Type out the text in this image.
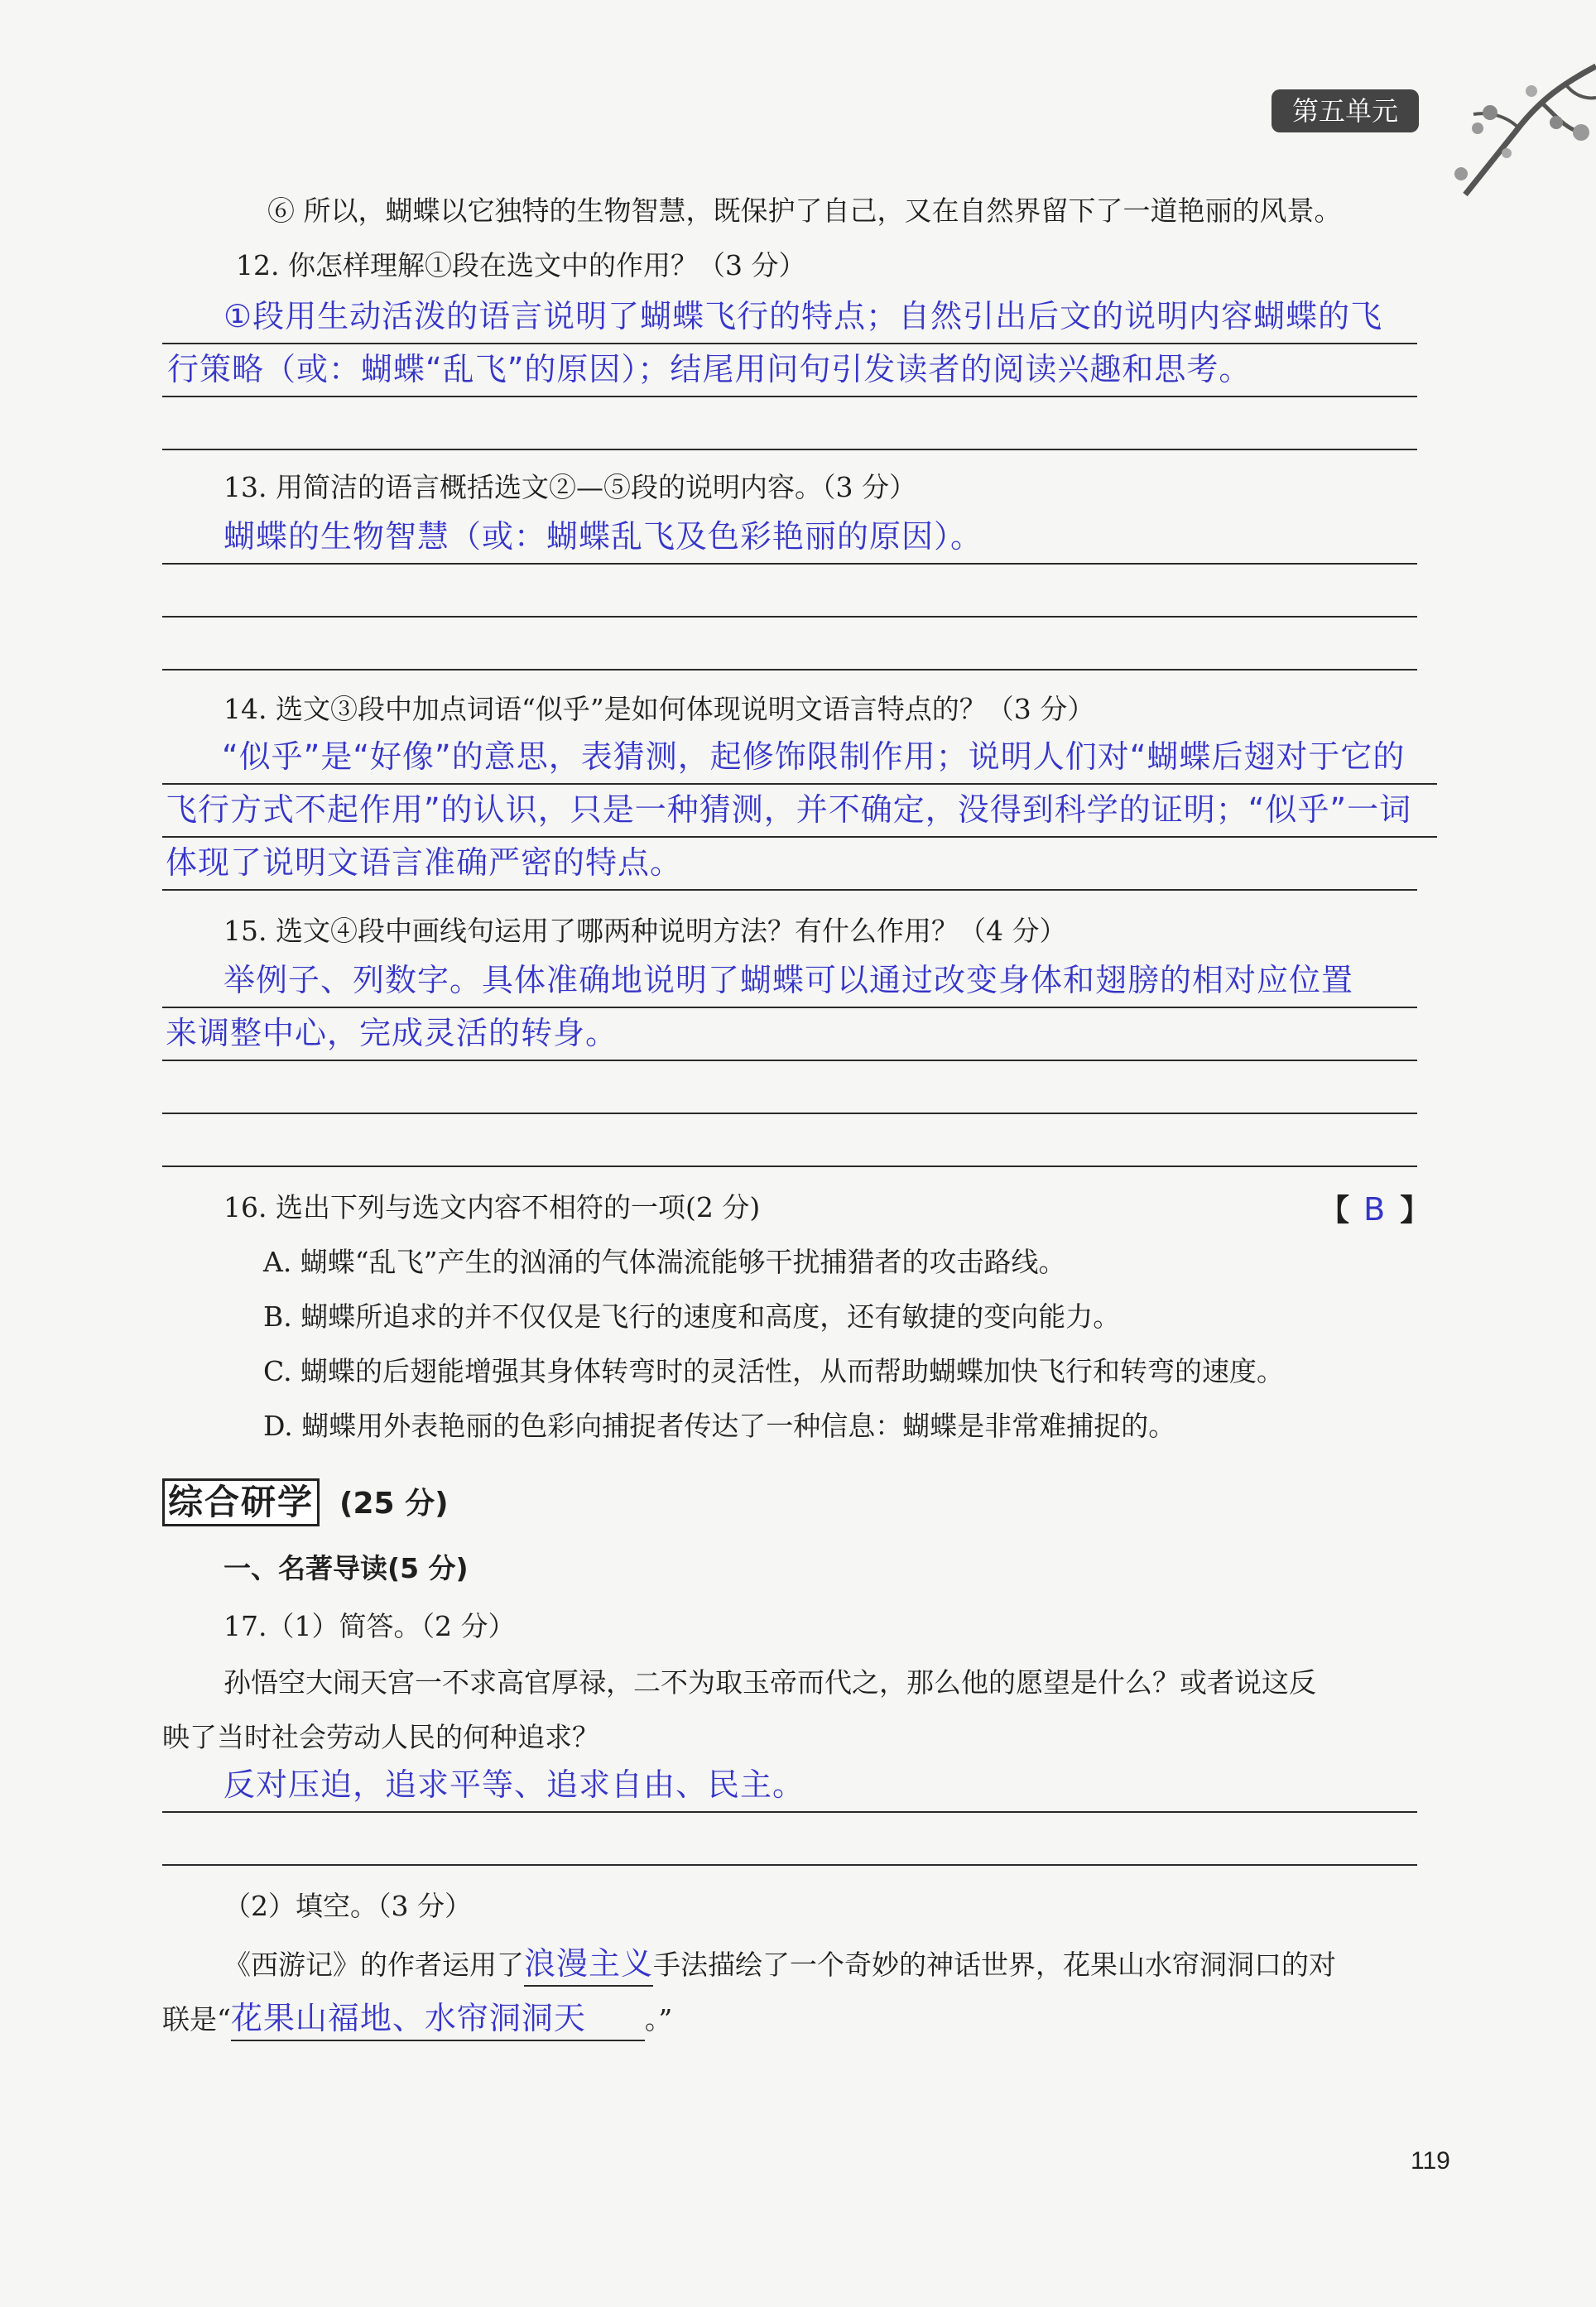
第五单元
⑥ 所以，蝴蝶以它独特的生物智慧，既保护了自己，又在自然界留下了一道艳丽的风景。
12. 你怎样理解①段在选文中的作用？（3 分）
①段用生动活泼的语言说明了蝴蝶飞行的特点；自然引出后文的说明内容蝴蝶的飞
行策略（或：蝴蝶“乱飞”的原因）；结尾用问句引发读者的阅读兴趣和思考。
13. 用简洁的语言概括选文②—⑤段的说明内容。（3 分）
蝴蝶的生物智慧（或：蝴蝶乱飞及色彩艳丽的原因）。
14. 选文③段中加点词语“似乎”是如何体现说明文语言特点的？（3 分）
“似乎”是“好像”的意思，表猜测，起修饰限制作用；说明人们对“蝴蝶后翅对于它的
飞行方式不起作用”的认识，只是一种猜测，并不确定，没得到科学的证明；“似乎”一词
体现了说明文语言准确严密的特点。
15. 选文④段中画线句运用了哪两种说明方法？有什么作用？（4 分）
举例子、列数字。具体准确地说明了蝴蝶可以通过改变身体和翅膀的相对应位置
来调整中心，完成灵活的转身。
16. 选出下列与选文内容不相符的一项(2 分)	【 B 】
A. 蝴蝶“乱飞”产生的汹涌的气体湍流能够干扰捕猎者的攻击路线。
B. 蝴蝶所追求的并不仅仅是飞行的速度和高度，还有敏捷的变向能力。
C. 蝴蝶的后翅能增强其身体转弯时的灵活性，从而帮助蝴蝶加快飞行和转弯的速度。
D. 蝴蝶用外表艳丽的色彩向捕捉者传达了一种信息：蝴蝶是非常难捕捉的。
综合研学 (25 分)
一、名著导读(5 分)
17.（1）简答。（2 分）
孙悟空大闹天宫一不求高官厚禄，二不为取玉帝而代之，那么他的愿望是什么？或者说这反
映了当时社会劳动人民的何种追求？
反对压迫，追求平等、追求自由、民主。
（2）填空。（3 分）
《西游记》的作者运用了浪漫主义手法描绘了一个奇妙的神话世界，花果山水帘洞洞口的对
联是“花果山福地、水帘洞洞天 。”
119
